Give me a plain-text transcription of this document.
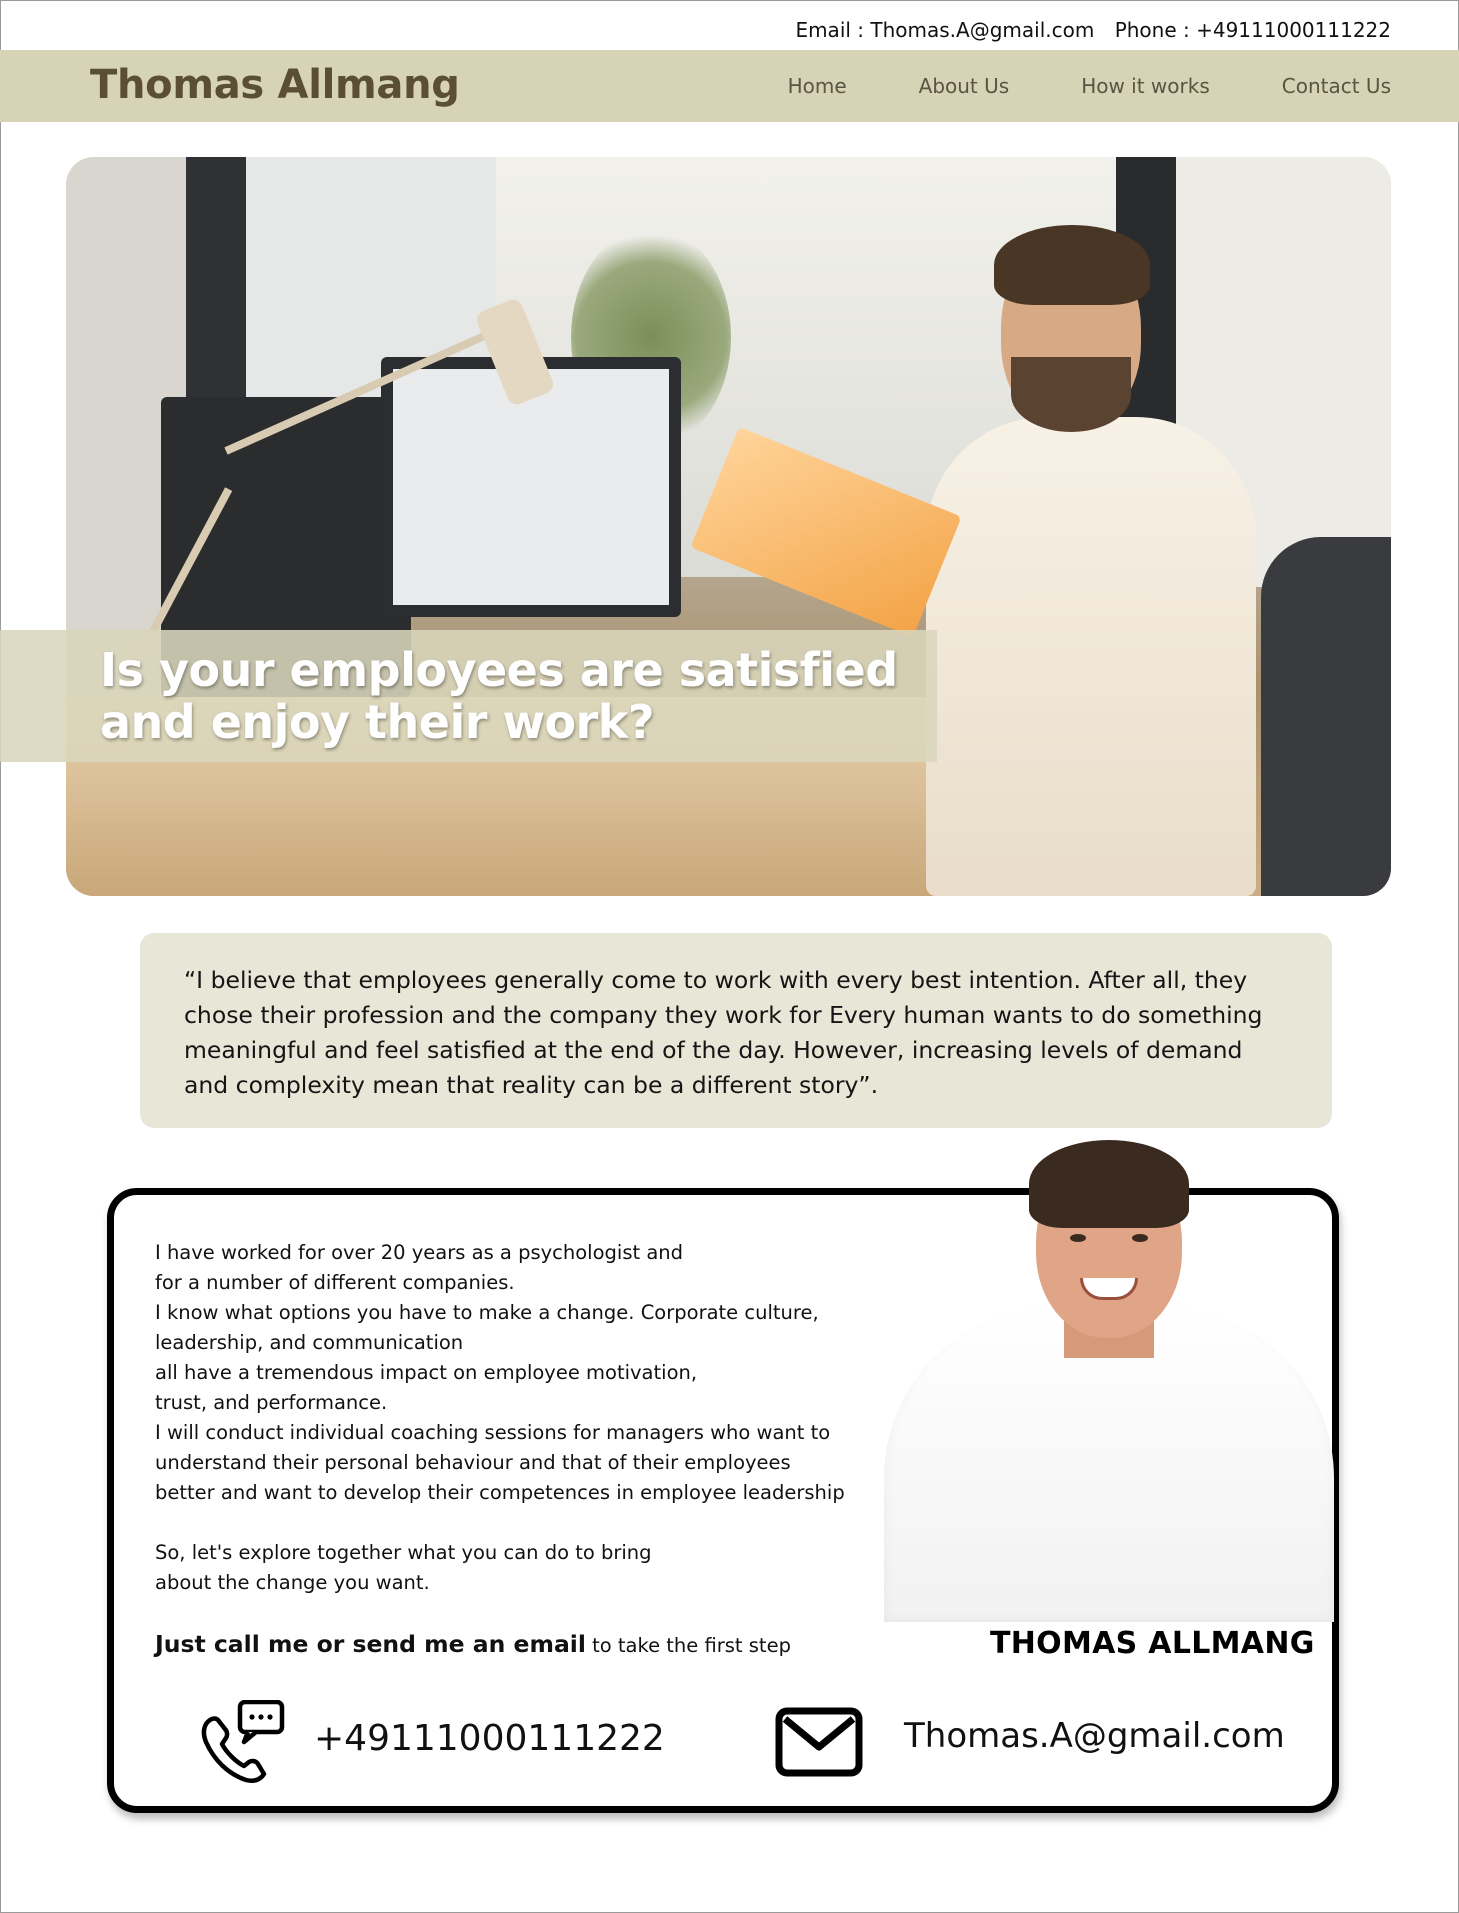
Email : Thomas.A@gmail.com Phone : +49111000111222
Thomas Allmang	Home	About Us	How it works	Contact Us
Is your employees are satisfied
and enjoy their work?

“I believe that employees generally come to work with every best intention. After all, they chose their profession and the company they work for Every human wants to do something meaningful and feel satisfied at the end of the day. However, increasing levels of demand and complexity mean that reality can be a different story”.

I have worked for over 20 years as a psychologist and
for a number of different companies.
I know what options you have to make a change. Corporate culture,
leadership, and communication
all have a tremendous impact on employee motivation,
trust, and performance.
I will conduct individual coaching sessions for managers who want to
understand their personal behaviour and that of their employees
better and want to develop their competences in employee leadership
So, let's explore together what you can do to bring
about the change you want.
THOMAS ALLMANG
Just call me or send me an email to take the first step
+49111000111222	Thomas.A@gmail.com
